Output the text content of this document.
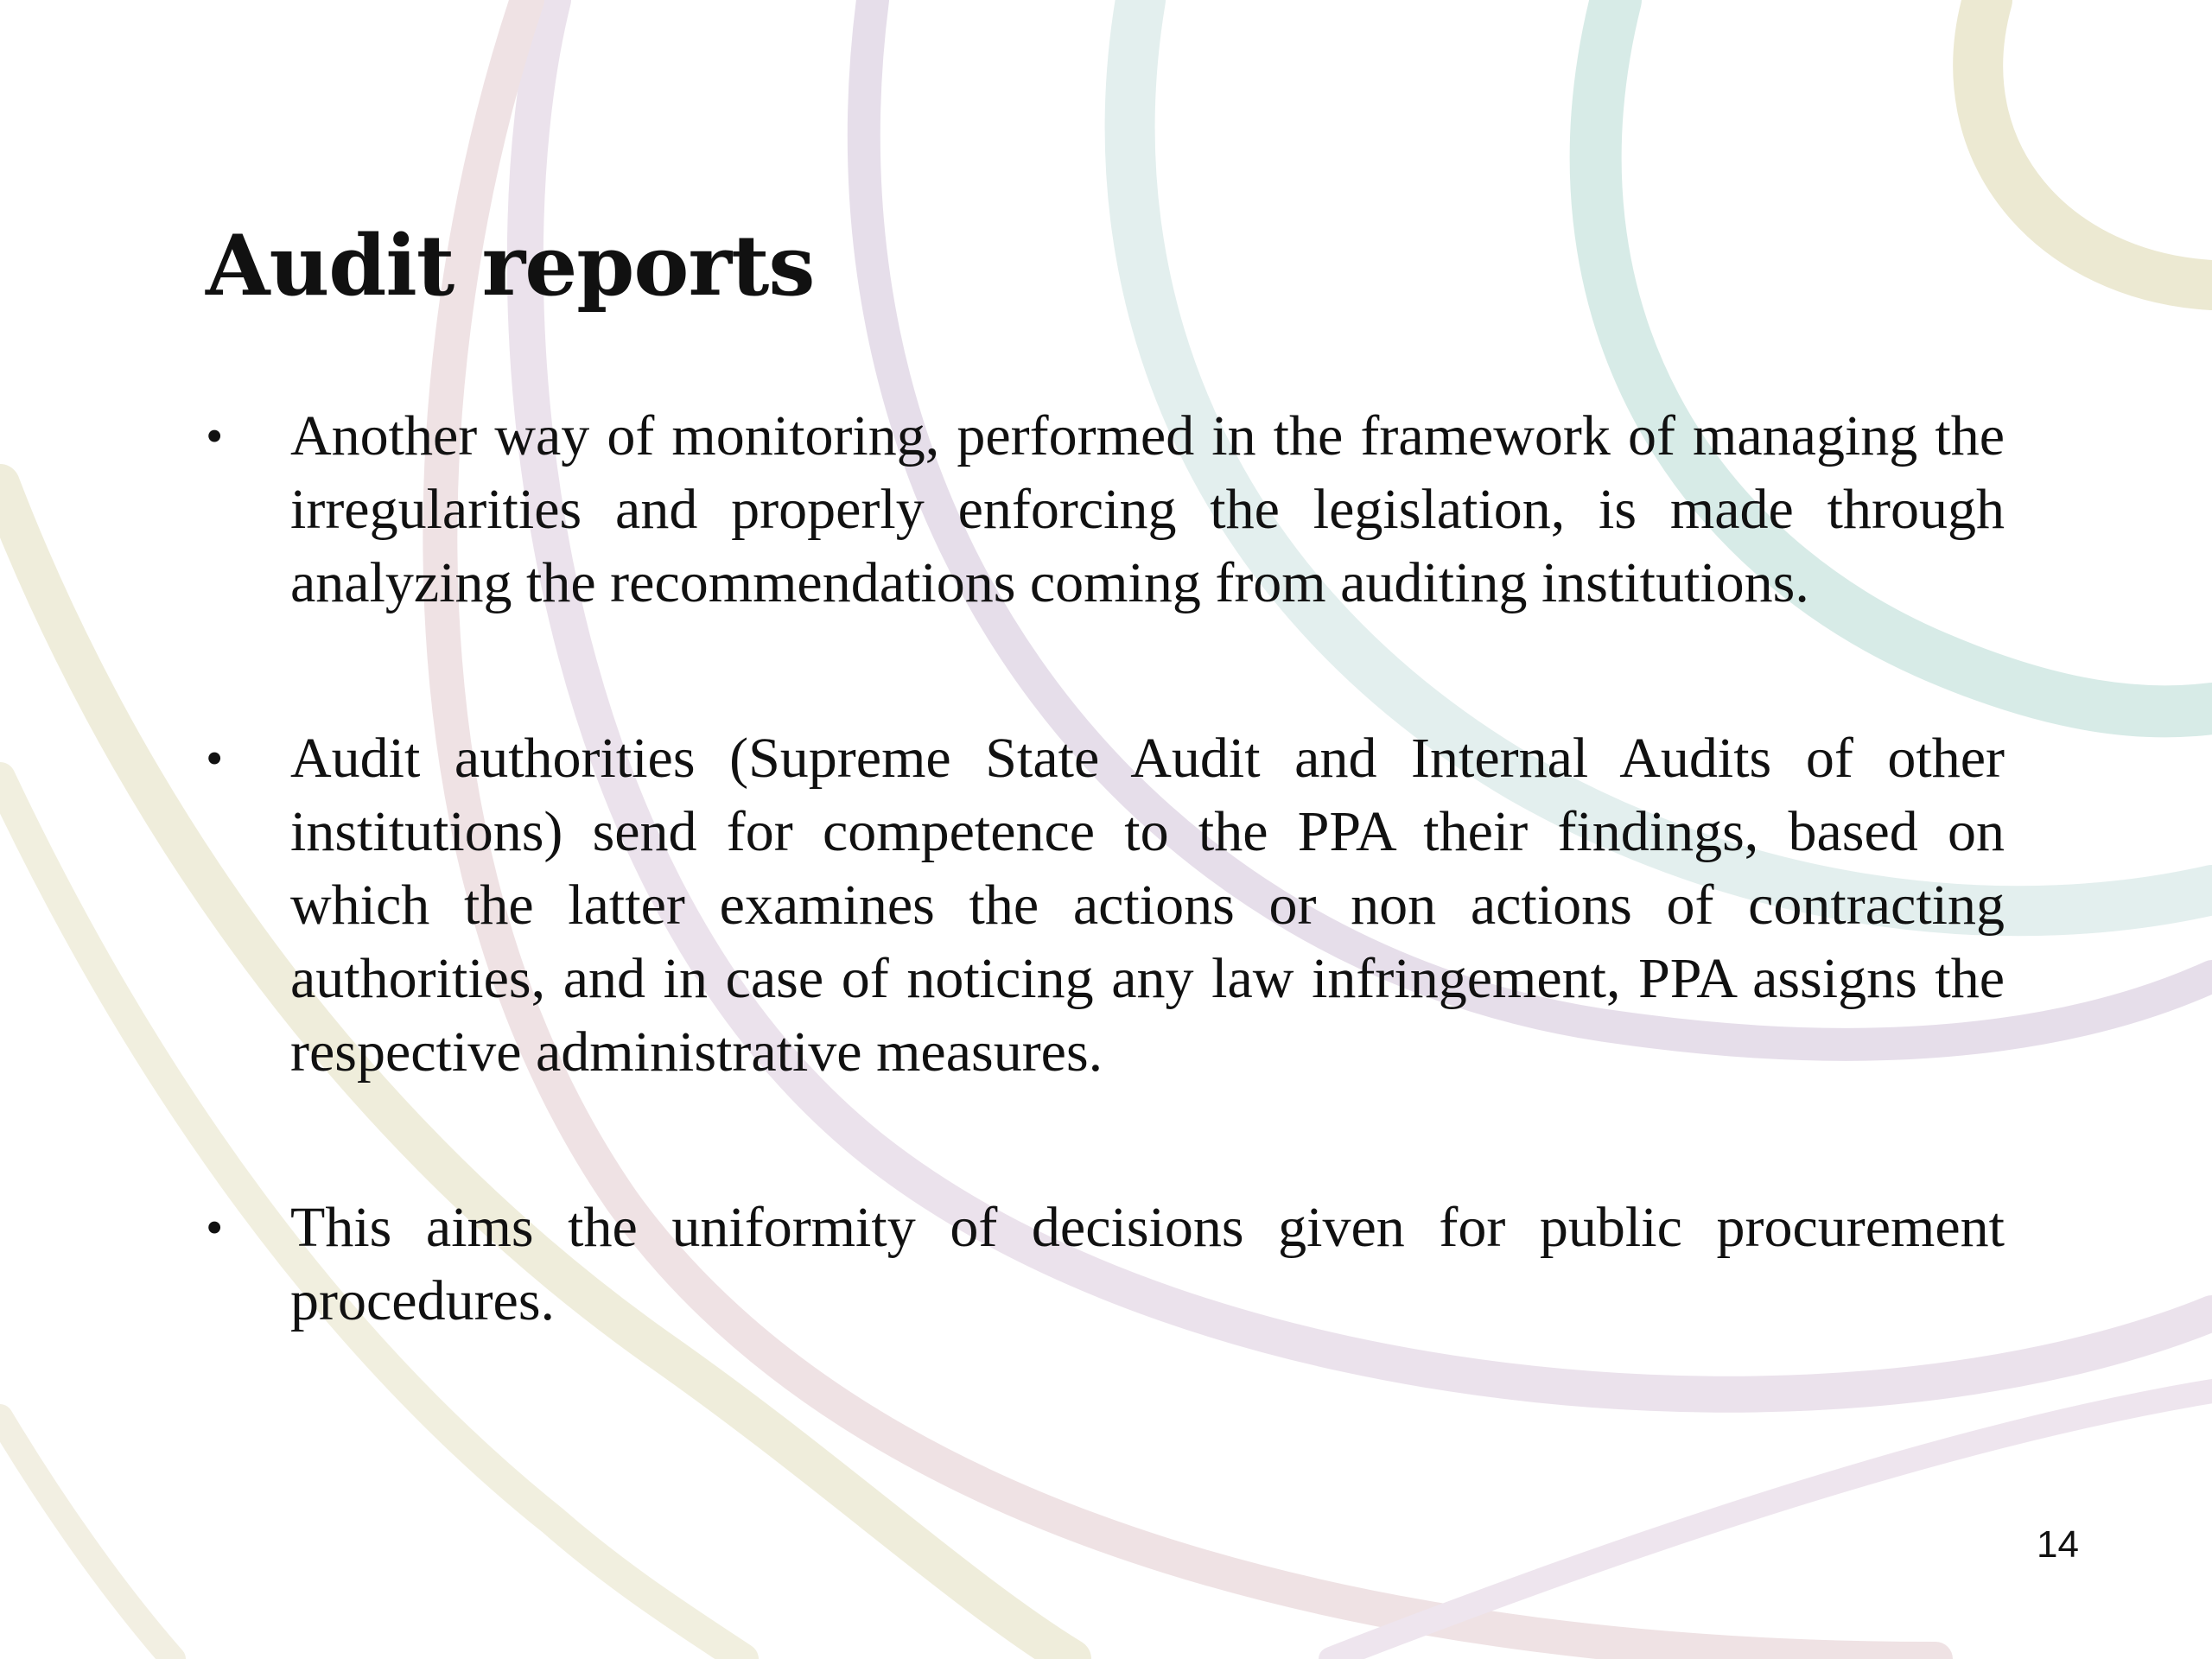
Audit reports
• Another way of monitoring, performed in the framework of managing the irregularities and properly enforcing the legislation, is made through analyzing the recommendations coming from auditing institutions.
• Audit authorities (Supreme State Audit and Internal Audits of other institutions) send for competence to the PPA their findings, based on which the latter examines the actions or non actions of contracting authorities, and in case of noticing any law infringement, PPA assigns the respective administrative measures.
• This aims the uniformity of decisions given for public procurement procedures.
14
